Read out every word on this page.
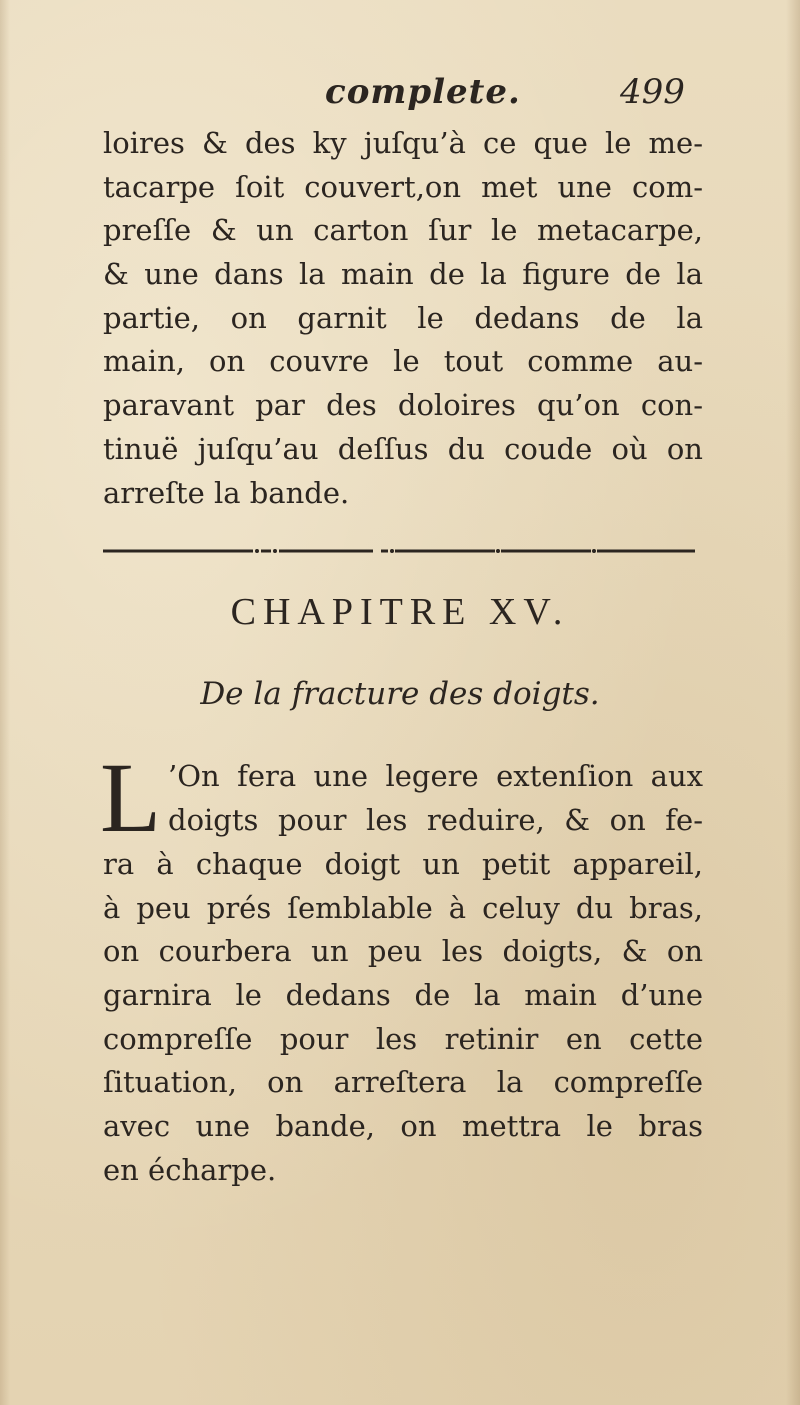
complete.	499
loires & des ky juſqu’à ce que le me-
tacarpe ſoit couvert,on met une com-
preſſe & un carton ſur le metacarpe,
& une dans la main de la figure de la
partie, on garnit le dedans de la
main, on couvre le tout comme au-
paravant par des doloires qu’on con-
tinuë juſqu’au deſſus du coude où on
arreſte la bande.
CHAPITRE XV.
De la fracture des doigts.
L ’On fera une legere extenſion aux
doigts pour les reduire, & on fe-
ra à chaque doigt un petit appareil,
à peu prés ſemblable à celuy du bras,
on courbera un peu les doigts, & on
garnira le dedans de la main d’une
compreſſe pour les retinir en cette
ſituation, on arreſtera la compreſſe
avec une bande, on mettra le bras
en écharpe.
